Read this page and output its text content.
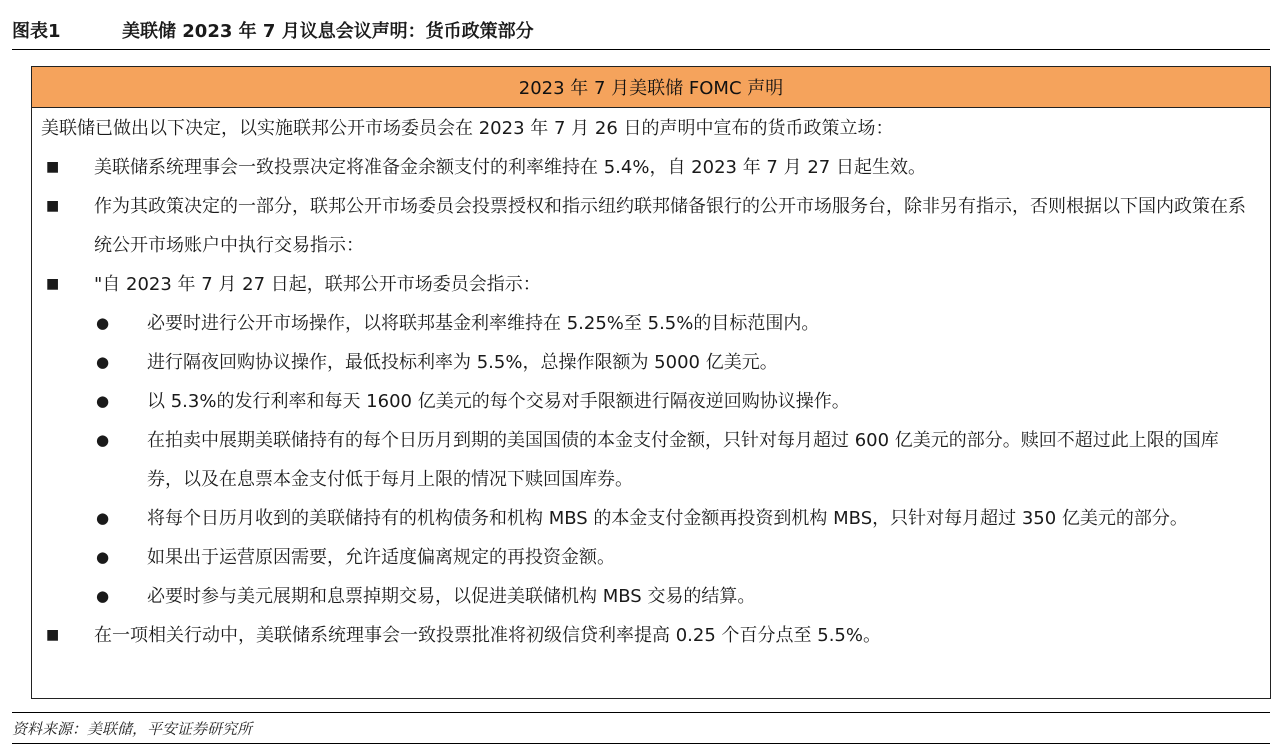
图表1	美联储 2023 年 7 月议息会议声明：货币政策部分
2023 年 7 月美联储 FOMC 声明
美联储已做出以下决定，以实施联邦公开市场委员会在 2023 年 7 月 26 日的声明中宣布的货币政策立场：
■	美联储系统理事会一致投票决定将准备金余额支付的利率维持在 5.4%，自 2023 年 7 月 27 日起生效。
■	作为其政策决定的一部分，联邦公开市场委员会投票授权和指示纽约联邦储备银行的公开市场服务台，除非另有指示，否则根据以下国内政策在系统公开市场账户中执行交易指示：
■	"自 2023 年 7 月 27 日起，联邦公开市场委员会指示：
●	必要时进行公开市场操作，以将联邦基金利率维持在 5.25%至 5.5%的目标范围内。
●	进行隔夜回购协议操作，最低投标利率为 5.5%，总操作限额为 5000 亿美元。
●	以 5.3%的发行利率和每天 1600 亿美元的每个交易对手限额进行隔夜逆回购协议操作。
●	在拍卖中展期美联储持有的每个日历月到期的美国国债的本金支付金额，只针对每月超过 600 亿美元的部分。赎回不超过此上限的国库券，以及在息票本金支付低于每月上限的情况下赎回国库券。
●	将每个日历月收到的美联储持有的机构债务和机构 MBS 的本金支付金额再投资到机构 MBS，只针对每月超过 350 亿美元的部分。
●	如果出于运营原因需要，允许适度偏离规定的再投资金额。
●	必要时参与美元展期和息票掉期交易，以促进美联储机构 MBS 交易的结算。
■	在一项相关行动中，美联储系统理事会一致投票批准将初级信贷利率提高 0.25 个百分点至 5.5%。
资料来源：美联储，平安证券研究所
